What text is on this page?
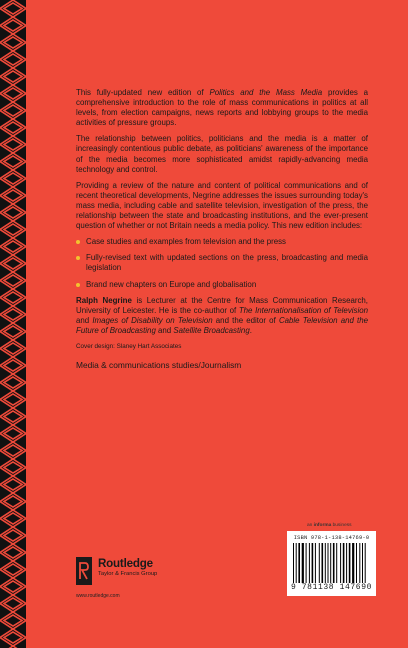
This fully-updated new edition of Politics and the Mass Media provides a comprehensive introduction to the role of mass communications in politics at all levels, from election campaigns, news reports and lobbying groups to the media activities of pressure groups.

The relationship between politics, politicians and the media is a matter of increasingly contentious public debate, as politicians' awareness of the importance of the media becomes more sophisticated amidst rapidly-advancing media technology and control.

Providing a review of the nature and content of political communications and of recent theoretical developments, Negrine addresses the issues surrounding today's mass media, including cable and satellite television, investigation of the press, the relationship between the state and broadcasting institutions, and the ever-present question of whether or not Britain needs a media policy. This new edition includes:

Case studies and examples from television and the press
Fully-revised text with updated sections on the press, broadcasting and media legislation
Brand new chapters on Europe and globalisation

Ralph Negrine is Lecturer at the Centre for Mass Communication Research, University of Leicester. He is the co-author of The Internationalisation of Television and Images of Disability on Television and the editor of Cable Television and the Future of Broadcasting and Satellite Broadcasting.

Cover design: Slaney Hart Associates
Media & communications studies/Journalism
an informa business
ISBN 978-1-138-14769-0
9 781138 147690
Routledge
Taylor & Francis Group
www.routledge.com
